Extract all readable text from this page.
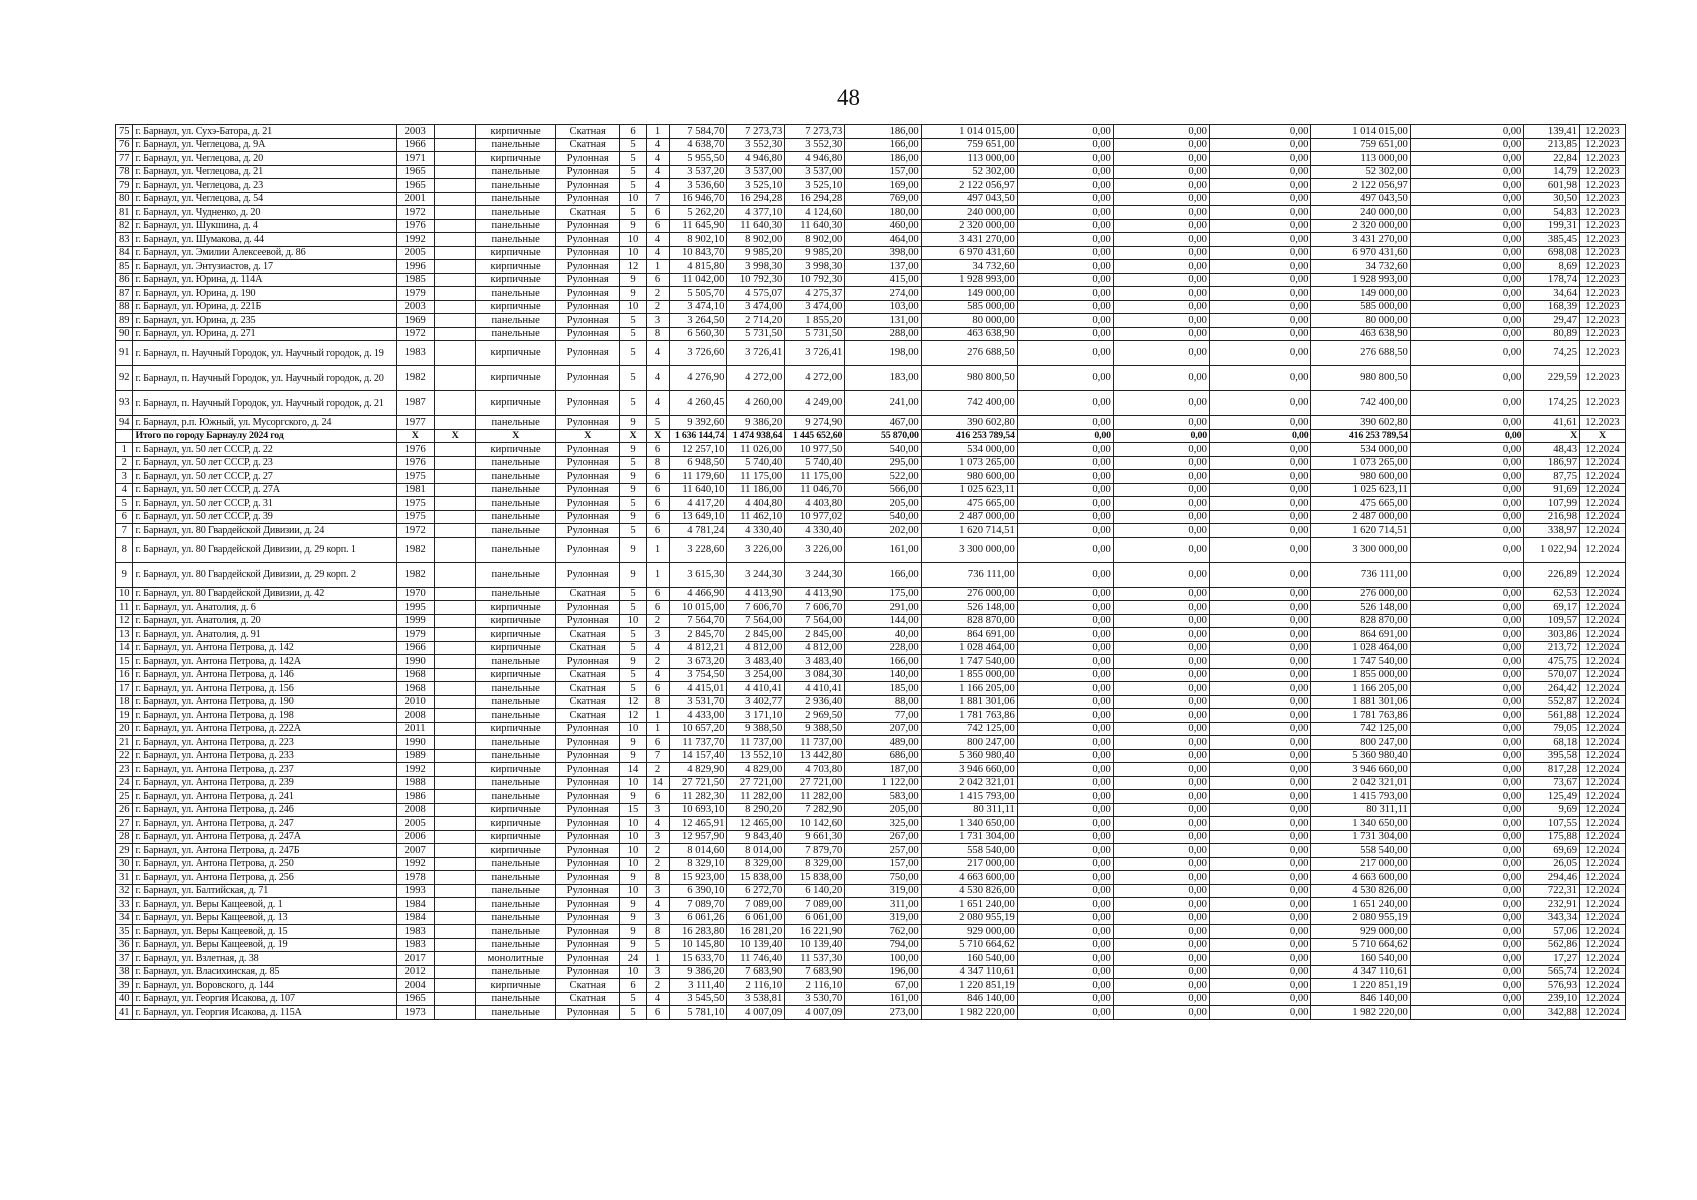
48
75	г. Барнаул, ул. Сухэ-Батора, д. 21	2003		кирпичные	Скатная	6	1	7 584,70	7 273,73	7 273,73	186,00	1 014 015,00	0,00	0,00	0,00	1 014 015,00	0,00	139,41	12.2023
76	г. Барнаул, ул. Чеглецова, д. 9А	1966		панельные	Скатная	5	4	4 638,70	3 552,30	3 552,30	166,00	759 651,00	0,00	0,00	0,00	759 651,00	0,00	213,85	12.2023
77	г. Барнаул, ул. Чеглецова, д. 20	1971		кирпичные	Рулонная	5	4	5 955,50	4 946,80	4 946,80	186,00	113 000,00	0,00	0,00	0,00	113 000,00	0,00	22,84	12.2023
78	г. Барнаул, ул. Чеглецова, д. 21	1965		панельные	Рулонная	5	4	3 537,20	3 537,00	3 537,00	157,00	52 302,00	0,00	0,00	0,00	52 302,00	0,00	14,79	12.2023
79	г. Барнаул, ул. Чеглецова, д. 23	1965		панельные	Рулонная	5	4	3 536,60	3 525,10	3 525,10	169,00	2 122 056,97	0,00	0,00	0,00	2 122 056,97	0,00	601,98	12.2023
80	г. Барнаул, ул. Чеглецова, д. 54	2001		панельные	Рулонная	10	7	16 946,70	16 294,28	16 294,28	769,00	497 043,50	0,00	0,00	0,00	497 043,50	0,00	30,50	12.2023
81	г. Барнаул, ул. Чудненко, д. 20	1972		панельные	Скатная	5	6	5 262,20	4 377,10	4 124,60	180,00	240 000,00	0,00	0,00	0,00	240 000,00	0,00	54,83	12.2023
82	г. Барнаул, ул. Шукшина, д. 4	1976		панельные	Рулонная	9	6	11 645,90	11 640,30	11 640,30	460,00	2 320 000,00	0,00	0,00	0,00	2 320 000,00	0,00	199,31	12.2023
83	г. Барнаул, ул. Шумакова, д. 44	1992		панельные	Рулонная	10	4	8 902,10	8 902,00	8 902,00	464,00	3 431 270,00	0,00	0,00	0,00	3 431 270,00	0,00	385,45	12.2023
84	г. Барнаул, ул. Эмилии Алексеевой, д. 86	2005		кирпичные	Рулонная	10	4	10 843,70	9 985,20	9 985,20	398,00	6 970 431,60	0,00	0,00	0,00	6 970 431,60	0,00	698,08	12.2023
85	г. Барнаул, ул. Энтузиастов, д. 17	1996		кирпичные	Рулонная	12	1	4 815,80	3 998,30	3 998,30	137,00	34 732,60	0,00	0,00	0,00	34 732,60	0,00	8,69	12.2023
86	г. Барнаул, ул. Юрина, д. 114А	1985		кирпичные	Рулонная	9	6	11 042,00	10 792,30	10 792,30	415,00	1 928 993,00	0,00	0,00	0,00	1 928 993,00	0,00	178,74	12.2023
87	г. Барнаул, ул. Юрина, д. 190	1979		панельные	Рулонная	9	2	5 505,70	4 575,07	4 275,37	274,00	149 000,00	0,00	0,00	0,00	149 000,00	0,00	34,64	12.2023
88	г. Барнаул, ул. Юрина, д. 221Б	2003		кирпичные	Рулонная	10	2	3 474,10	3 474,00	3 474,00	103,00	585 000,00	0,00	0,00	0,00	585 000,00	0,00	168,39	12.2023
89	г. Барнаул, ул. Юрина, д. 235	1969		панельные	Рулонная	5	3	3 264,50	2 714,20	1 855,20	131,00	80 000,00	0,00	0,00	0,00	80 000,00	0,00	29,47	12.2023
90	г. Барнаул, ул. Юрина, д. 271	1972		панельные	Рулонная	5	8	6 560,30	5 731,50	5 731,50	288,00	463 638,90	0,00	0,00	0,00	463 638,90	0,00	80,89	12.2023
91	г. Барнаул, п. Научный Городок, ул. Научный городок, д. 19	1983		кирпичные	Рулонная	5	4	3 726,60	3 726,41	3 726,41	198,00	276 688,50	0,00	0,00	0,00	276 688,50	0,00	74,25	12.2023
92	г. Барнаул, п. Научный Городок, ул. Научный городок, д. 20	1982		кирпичные	Рулонная	5	4	4 276,90	4 272,00	4 272,00	183,00	980 800,50	0,00	0,00	0,00	980 800,50	0,00	229,59	12.2023
93	г. Барнаул, п. Научный Городок, ул. Научный городок, д. 21	1987		кирпичные	Рулонная	5	4	4 260,45	4 260,00	4 249,00	241,00	742 400,00	0,00	0,00	0,00	742 400,00	0,00	174,25	12.2023
94	г. Барнаул, р.п. Южный, ул. Мусоргского, д. 24	1977		панельные	Рулонная	9	5	9 392,60	9 386,20	9 274,90	467,00	390 602,80	0,00	0,00	0,00	390 602,80	0,00	41,61	12.2023
	Итого по городу Барнаулу 2024 год	X	X	X	X	X	X	1 636 144,74	1 474 938,64	1 445 652,60	55 870,00	416 253 789,54	0,00	0,00	0,00	416 253 789,54	0,00	X	X
1	г. Барнаул, ул. 50 лет СССР, д. 22	1976		кирпичные	Рулонная	9	6	12 257,10	11 026,00	10 977,50	540,00	534 000,00	0,00	0,00	0,00	534 000,00	0,00	48,43	12.2024
2	г. Барнаул, ул. 50 лет СССР, д. 23	1976		панельные	Рулонная	5	8	6 948,50	5 740,40	5 740,40	295,00	1 073 265,00	0,00	0,00	0,00	1 073 265,00	0,00	186,97	12.2024
3	г. Барнаул, ул. 50 лет СССР, д. 27	1975		панельные	Рулонная	9	6	11 179,60	11 175,00	11 175,00	522,00	980 600,00	0,00	0,00	0,00	980 600,00	0,00	87,75	12.2024
4	г. Барнаул, ул. 50 лет СССР, д. 27А	1981		панельные	Рулонная	9	6	11 640,10	11 186,00	11 046,70	566,00	1 025 623,11	0,00	0,00	0,00	1 025 623,11	0,00	91,69	12.2024
5	г. Барнаул, ул. 50 лет СССР, д. 31	1975		панельные	Рулонная	5	6	4 417,20	4 404,80	4 403,80	205,00	475 665,00	0,00	0,00	0,00	475 665,00	0,00	107,99	12.2024
6	г. Барнаул, ул. 50 лет СССР, д. 39	1975		панельные	Рулонная	9	6	13 649,10	11 462,10	10 977,02	540,00	2 487 000,00	0,00	0,00	0,00	2 487 000,00	0,00	216,98	12.2024
7	г. Барнаул, ул. 80 Гвардейской Дивизии, д. 24	1972		панельные	Рулонная	5	6	4 781,24	4 330,40	4 330,40	202,00	1 620 714,51	0,00	0,00	0,00	1 620 714,51	0,00	338,97	12.2024
8	г. Барнаул, ул. 80 Гвардейской Дивизии, д. 29 корп. 1	1982		панельные	Рулонная	9	1	3 228,60	3 226,00	3 226,00	161,00	3 300 000,00	0,00	0,00	0,00	3 300 000,00	0,00	1 022,94	12.2024
9	г. Барнаул, ул. 80 Гвардейской Дивизии, д. 29 корп. 2	1982		панельные	Рулонная	9	1	3 615,30	3 244,30	3 244,30	166,00	736 111,00	0,00	0,00	0,00	736 111,00	0,00	226,89	12.2024
10	г. Барнаул, ул. 80 Гвардейской Дивизии, д. 42	1970		панельные	Скатная	5	6	4 466,90	4 413,90	4 413,90	175,00	276 000,00	0,00	0,00	0,00	276 000,00	0,00	62,53	12.2024
11	г. Барнаул, ул. Анатолия, д. 6	1995		кирпичные	Рулонная	5	6	10 015,00	7 606,70	7 606,70	291,00	526 148,00	0,00	0,00	0,00	526 148,00	0,00	69,17	12.2024
12	г. Барнаул, ул. Анатолия, д. 20	1999		кирпичные	Рулонная	10	2	7 564,70	7 564,00	7 564,00	144,00	828 870,00	0,00	0,00	0,00	828 870,00	0,00	109,57	12.2024
13	г. Барнаул, ул. Анатолия, д. 91	1979		кирпичные	Скатная	5	3	2 845,70	2 845,00	2 845,00	40,00	864 691,00	0,00	0,00	0,00	864 691,00	0,00	303,86	12.2024
14	г. Барнаул, ул. Антона Петрова, д. 142	1966		кирпичные	Скатная	5	4	4 812,21	4 812,00	4 812,00	228,00	1 028 464,00	0,00	0,00	0,00	1 028 464,00	0,00	213,72	12.2024
15	г. Барнаул, ул. Антона Петрова, д. 142А	1990		панельные	Рулонная	9	2	3 673,20	3 483,40	3 483,40	166,00	1 747 540,00	0,00	0,00	0,00	1 747 540,00	0,00	475,75	12.2024
16	г. Барнаул, ул. Антона Петрова, д. 146	1968		кирпичные	Скатная	5	4	3 754,50	3 254,00	3 084,30	140,00	1 855 000,00	0,00	0,00	0,00	1 855 000,00	0,00	570,07	12.2024
17	г. Барнаул, ул. Антона Петрова, д. 156	1968		панельные	Скатная	5	6	4 415,01	4 410,41	4 410,41	185,00	1 166 205,00	0,00	0,00	0,00	1 166 205,00	0,00	264,42	12.2024
18	г. Барнаул, ул. Антона Петрова, д. 190	2010		панельные	Скатная	12	8	3 531,70	3 402,77	2 936,40	88,00	1 881 301,06	0,00	0,00	0,00	1 881 301,06	0,00	552,87	12.2024
19	г. Барнаул, ул. Антона Петрова, д. 198	2008		панельные	Скатная	12	1	4 433,00	3 171,10	2 969,50	77,00	1 781 763,86	0,00	0,00	0,00	1 781 763,86	0,00	561,88	12.2024
20	г. Барнаул, ул. Антона Петрова, д. 222А	2011		кирпичные	Рулонная	10	1	10 657,20	9 388,50	9 388,50	207,00	742 125,00	0,00	0,00	0,00	742 125,00	0,00	79,05	12.2024
21	г. Барнаул, ул. Антона Петрова, д. 223	1990		панельные	Рулонная	9	6	11 737,70	11 737,00	11 737,00	489,00	800 247,00	0,00	0,00	0,00	800 247,00	0,00	68,18	12.2024
22	г. Барнаул, ул. Антона Петрова, д. 233	1989		панельные	Рулонная	9	7	14 157,40	13 552,10	13 442,80	686,00	5 360 980,40	0,00	0,00	0,00	5 360 980,40	0,00	395,58	12.2024
23	г. Барнаул, ул. Антона Петрова, д. 237	1992		кирпичные	Рулонная	14	2	4 829,90	4 829,00	4 703,80	187,00	3 946 660,00	0,00	0,00	0,00	3 946 660,00	0,00	817,28	12.2024
24	г. Барнаул, ул. Антона Петрова, д. 239	1988		панельные	Рулонная	10	14	27 721,50	27 721,00	27 721,00	1 122,00	2 042 321,01	0,00	0,00	0,00	2 042 321,01	0,00	73,67	12.2024
25	г. Барнаул, ул. Антона Петрова, д. 241	1986		панельные	Рулонная	9	6	11 282,30	11 282,00	11 282,00	583,00	1 415 793,00	0,00	0,00	0,00	1 415 793,00	0,00	125,49	12.2024
26	г. Барнаул, ул. Антона Петрова, д. 246	2008		кирпичные	Рулонная	15	3	10 693,10	8 290,20	7 282,90	205,00	80 311,11	0,00	0,00	0,00	80 311,11	0,00	9,69	12.2024
27	г. Барнаул, ул. Антона Петрова, д. 247	2005		кирпичные	Рулонная	10	4	12 465,91	12 465,00	10 142,60	325,00	1 340 650,00	0,00	0,00	0,00	1 340 650,00	0,00	107,55	12.2024
28	г. Барнаул, ул. Антона Петрова, д. 247А	2006		кирпичные	Рулонная	10	3	12 957,90	9 843,40	9 661,30	267,00	1 731 304,00	0,00	0,00	0,00	1 731 304,00	0,00	175,88	12.2024
29	г. Барнаул, ул. Антона Петрова, д. 247Б	2007		кирпичные	Рулонная	10	2	8 014,60	8 014,00	7 879,70	257,00	558 540,00	0,00	0,00	0,00	558 540,00	0,00	69,69	12.2024
30	г. Барнаул, ул. Антона Петрова, д. 250	1992		панельные	Рулонная	10	2	8 329,10	8 329,00	8 329,00	157,00	217 000,00	0,00	0,00	0,00	217 000,00	0,00	26,05	12.2024
31	г. Барнаул, ул. Антона Петрова, д. 256	1978		панельные	Рулонная	9	8	15 923,00	15 838,00	15 838,00	750,00	4 663 600,00	0,00	0,00	0,00	4 663 600,00	0,00	294,46	12.2024
32	г. Барнаул, ул. Балтийская, д. 71	1993		панельные	Рулонная	10	3	6 390,10	6 272,70	6 140,20	319,00	4 530 826,00	0,00	0,00	0,00	4 530 826,00	0,00	722,31	12.2024
33	г. Барнаул, ул. Веры Кащеевой, д. 1	1984		панельные	Рулонная	9	4	7 089,70	7 089,00	7 089,00	311,00	1 651 240,00	0,00	0,00	0,00	1 651 240,00	0,00	232,91	12.2024
34	г. Барнаул, ул. Веры Кащеевой, д. 13	1984		панельные	Рулонная	9	3	6 061,26	6 061,00	6 061,00	319,00	2 080 955,19	0,00	0,00	0,00	2 080 955,19	0,00	343,34	12.2024
35	г. Барнаул, ул. Веры Кащеевой, д. 15	1983		панельные	Рулонная	9	8	16 283,80	16 281,20	16 221,90	762,00	929 000,00	0,00	0,00	0,00	929 000,00	0,00	57,06	12.2024
36	г. Барнаул, ул. Веры Кащеевой, д. 19	1983		панельные	Рулонная	9	5	10 145,80	10 139,40	10 139,40	794,00	5 710 664,62	0,00	0,00	0,00	5 710 664,62	0,00	562,86	12.2024
37	г. Барнаул, ул. Взлетная, д. 38	2017		монолитные	Рулонная	24	1	15 633,70	11 746,40	11 537,30	100,00	160 540,00	0,00	0,00	0,00	160 540,00	0,00	17,27	12.2024
38	г. Барнаул, ул. Власихинская, д. 85	2012		панельные	Рулонная	10	3	9 386,20	7 683,90	7 683,90	196,00	4 347 110,61	0,00	0,00	0,00	4 347 110,61	0,00	565,74	12.2024
39	г. Барнаул, ул. Воровского, д. 144	2004		кирпичные	Скатная	6	2	3 111,40	2 116,10	2 116,10	67,00	1 220 851,19	0,00	0,00	0,00	1 220 851,19	0,00	576,93	12.2024
40	г. Барнаул, ул. Георгия Исакова, д. 107	1965		панельные	Скатная	5	4	3 545,50	3 538,81	3 530,70	161,00	846 140,00	0,00	0,00	0,00	846 140,00	0,00	239,10	12.2024
41	г. Барнаул, ул. Георгия Исакова, д. 115А	1973		панельные	Рулонная	5	6	5 781,10	4 007,09	4 007,09	273,00	1 982 220,00	0,00	0,00	0,00	1 982 220,00	0,00	342,88	12.2024
